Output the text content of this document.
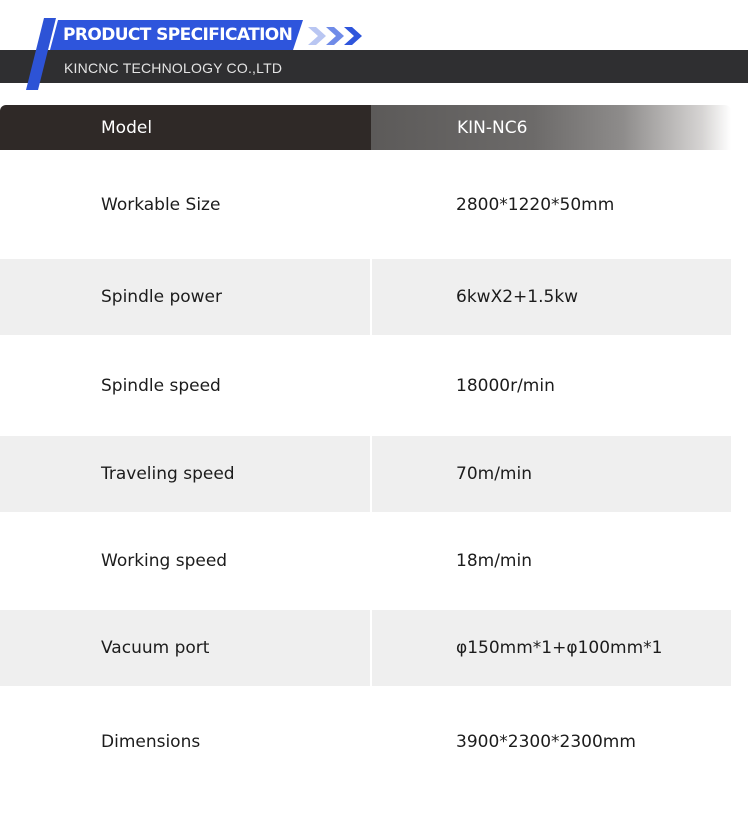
PRODUCT SPECIFICATION
KINCNC TECHNOLOGY CO.,LTD
Model	KIN-NC6
Workable Size	2800*1220*50mm
Spindle power	6kwX2+1.5kw
Spindle speed	18000r/min
Traveling speed	70m/min
Working speed	18m/min
Vacuum port	φ150mm*1+φ100mm*1
Dimensions	3900*2300*2300mm
